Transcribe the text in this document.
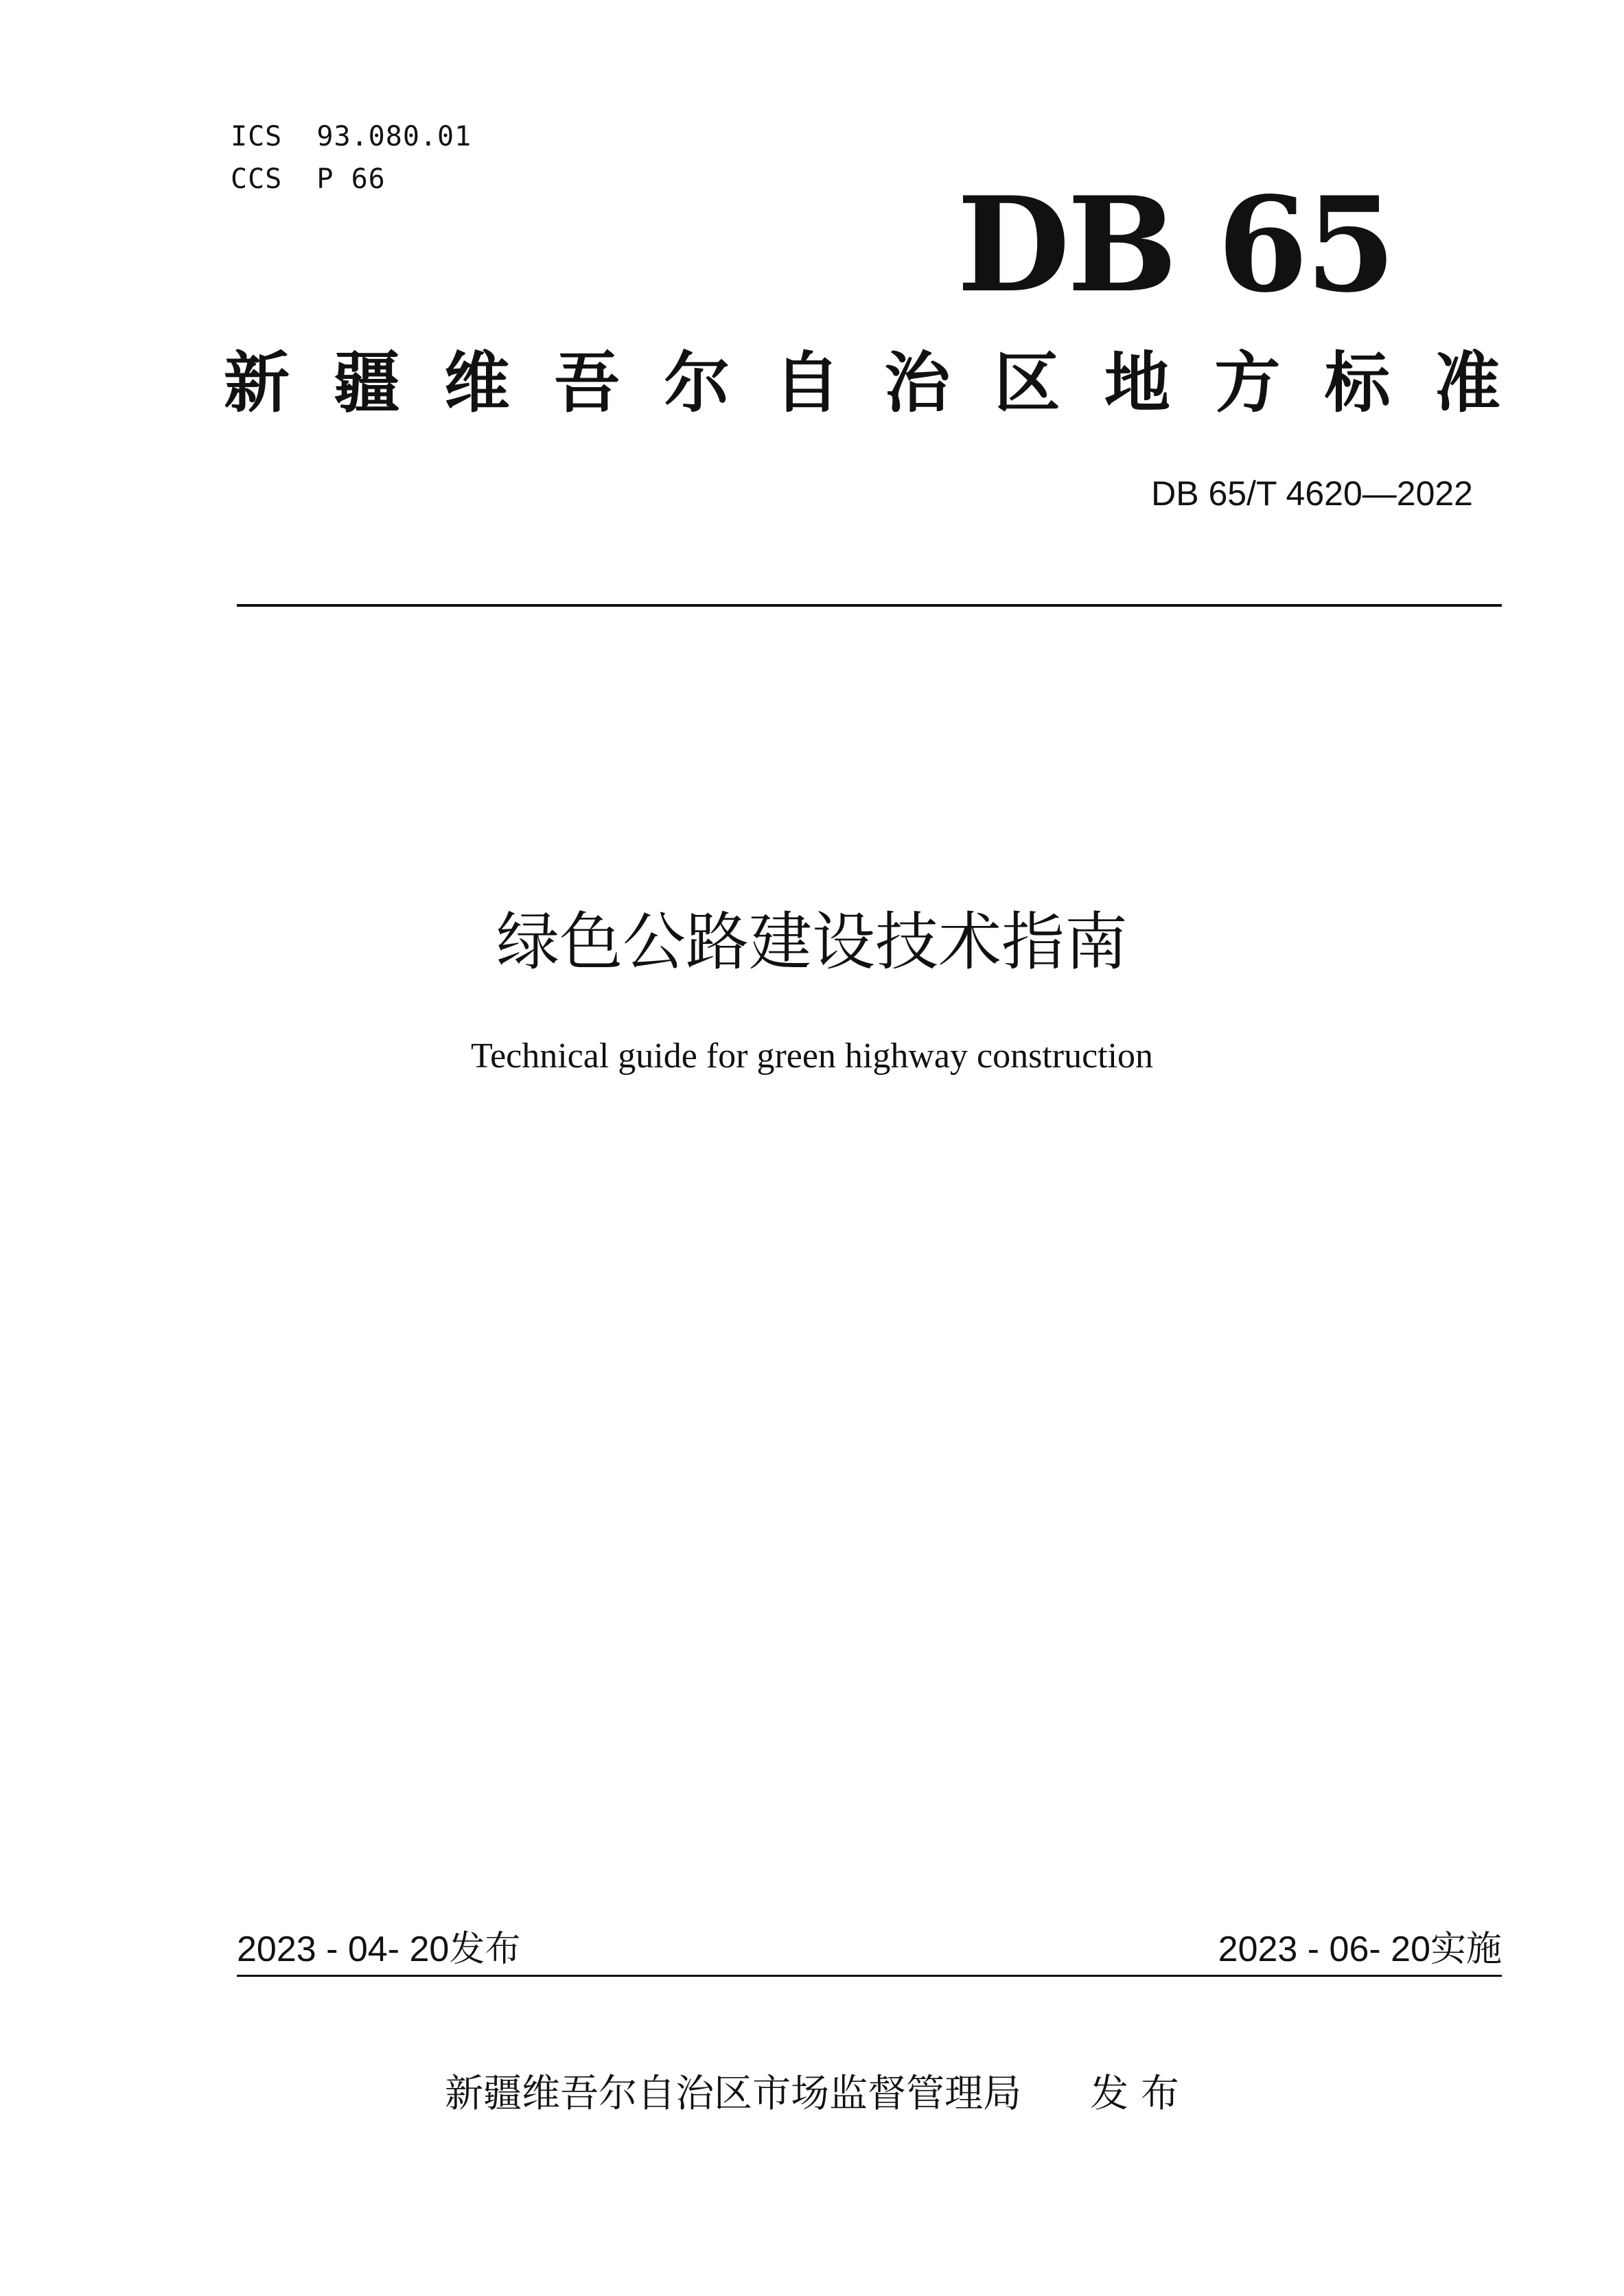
ICS  93.080.01
CCS  P 66	DB 65
新 疆 维 吾 尔 自 治 区 地 方 标 准
DB 65/T 4620—2022
绿色公路建设技术指南
Technical guide for green highway construction
2023 - 04- 20发布	2023 - 06- 20实施
新疆维吾尔自治区市场监督管理局 发 布
